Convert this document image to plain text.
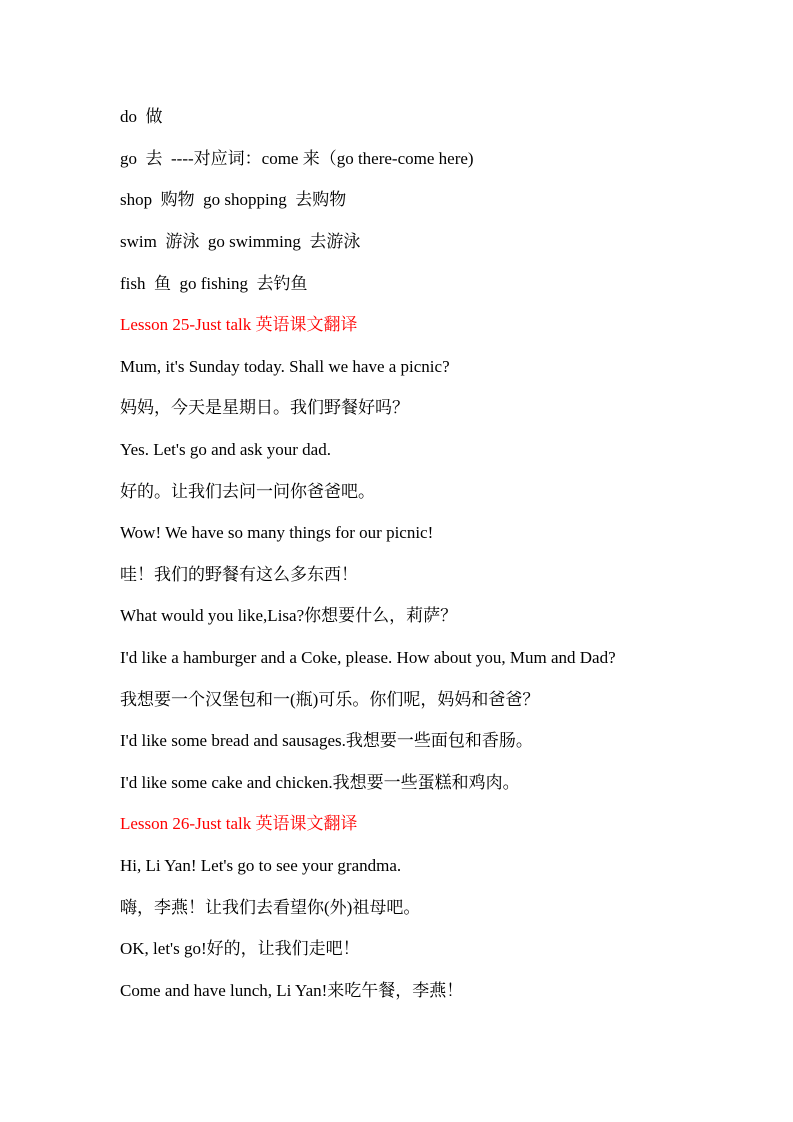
do  做

go  去  ----对应词：come 来（go there-come here)

shop  购物  go shopping  去购物

swim  游泳  go swimming  去游泳

fish  鱼  go fishing  去钓鱼

Lesson 25-Just talk 英语课文翻译

Mum, it's Sunday today. Shall we have a picnic?

妈妈，今天是星期日。我们野餐好吗？

Yes. Let's go and ask your dad.

好的。让我们去问一问你爸爸吧。

Wow! We have so many things for our picnic!

哇！我们的野餐有这么多东西！

What would you like,Lisa?你想要什么，莉萨？

I'd like a hamburger and a Coke, please. How about you, Mum and Dad?

我想要一个汉堡包和一(瓶)可乐。你们呢，妈妈和爸爸？

I'd like some bread and sausages.我想要一些面包和香肠。

I'd like some cake and chicken.我想要一些蛋糕和鸡肉。

Lesson 26-Just talk 英语课文翻译

Hi, Li Yan! Let's go to see your grandma.

嗨，李燕！让我们去看望你(外)祖母吧。

OK, let's go!好的，让我们走吧！

Come and have lunch, Li Yan!来吃午餐，李燕！
